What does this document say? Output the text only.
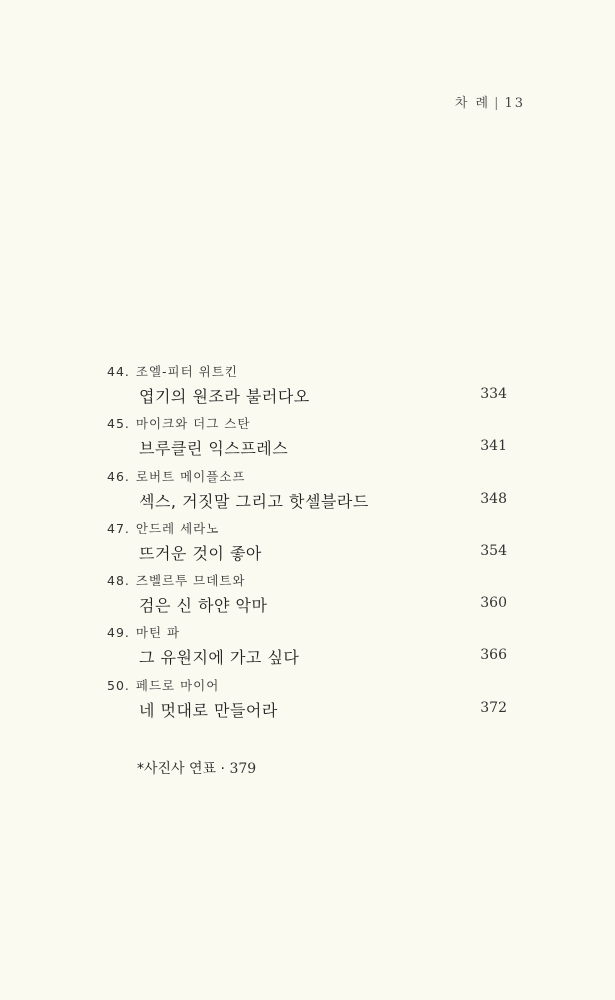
차 례 | 13
44. 조엘-피터 위트킨
엽기의 원조라 불러다오	334
45. 마이크와 더그 스탄
브루클린 익스프레스	341
46. 로버트 메이플소프
섹스, 거짓말 그리고 핫셀블라드	348
47. 안드레 세라노
뜨거운 것이 좋아	354
48. 즈벨르투 므데트와
검은 신 하얀 악마	360
49. 마틴 파
그 유원지에 가고 싶다	366
50. 페드로 마이어
네 멋대로 만들어라	372
*사진사 연표 · 379
